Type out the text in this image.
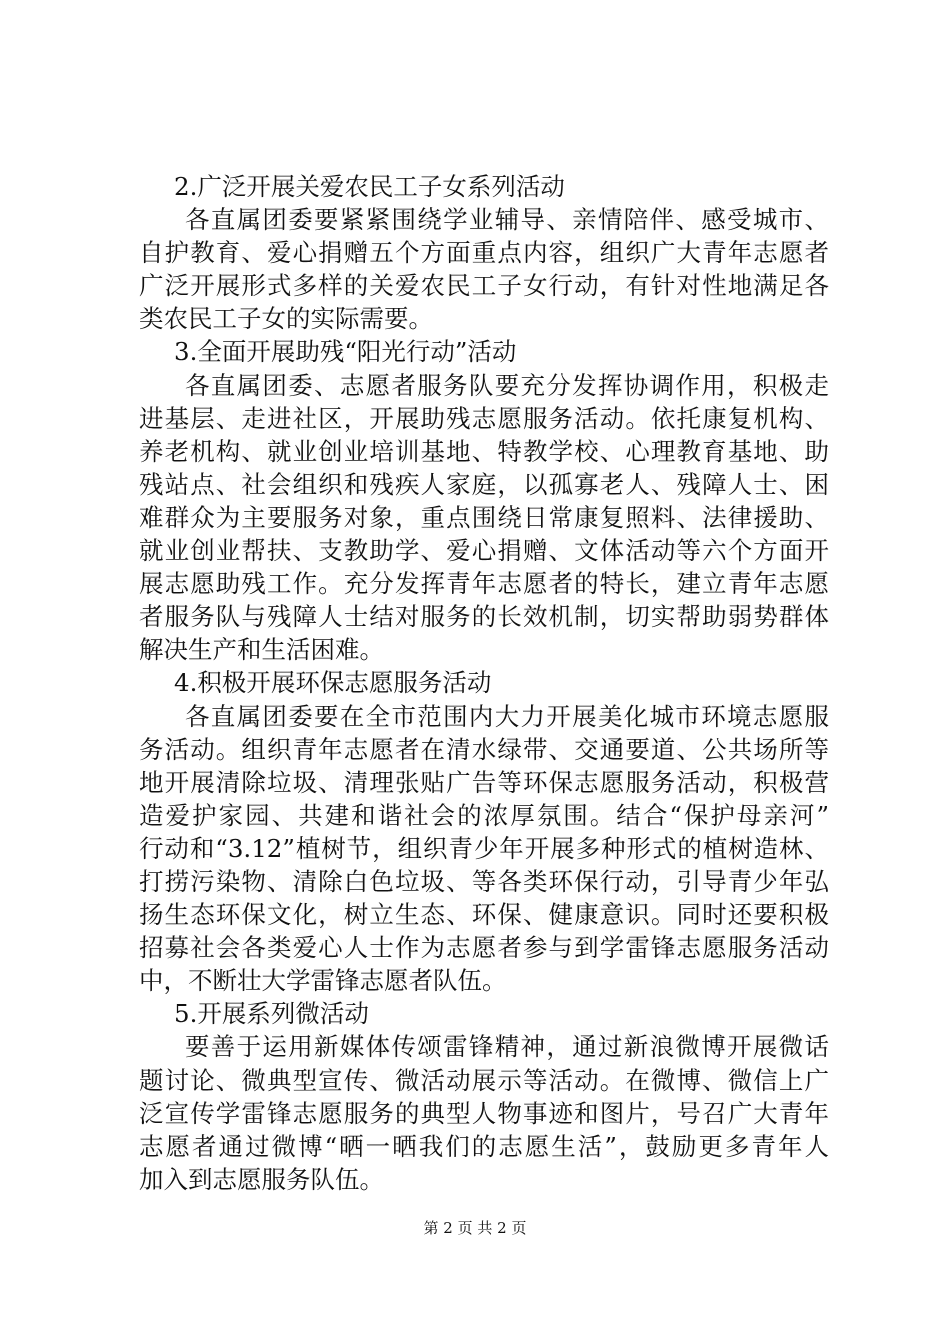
2.广泛开展关爱农民工子女系列活动
各直属团委要紧紧围绕学业辅导、亲情陪伴、感受城市、
自护教育、爱心捐赠五个方面重点内容，组织广大青年志愿者
广泛开展形式多样的关爱农民工子女行动，有针对性地满足各
类农民工子女的实际需要。
3.全面开展助残“阳光行动”活动
各直属团委、志愿者服务队要充分发挥协调作用，积极走
进基层、走进社区，开展助残志愿服务活动。依托康复机构、
养老机构、就业创业培训基地、特教学校、心理教育基地、助
残站点、社会组织和残疾人家庭，以孤寡老人、残障人士、困
难群众为主要服务对象，重点围绕日常康复照料、法律援助、
就业创业帮扶、支教助学、爱心捐赠、文体活动等六个方面开
展志愿助残工作。充分发挥青年志愿者的特长，建立青年志愿
者服务队与残障人士结对服务的长效机制，切实帮助弱势群体
解决生产和生活困难。
4.积极开展环保志愿服务活动
各直属团委要在全市范围内大力开展美化城市环境志愿服
务活动。组织青年志愿者在清水绿带、交通要道、公共场所等
地开展清除垃圾、清理张贴广告等环保志愿服务活动，积极营
造爱护家园、共建和谐社会的浓厚氛围。结合“保护母亲河”
行动和“3.12”植树节，组织青少年开展多种形式的植树造林、
打捞污染物、清除白色垃圾、等各类环保行动，引导青少年弘
扬生态环保文化，树立生态、环保、健康意识。同时还要积极
招募社会各类爱心人士作为志愿者参与到学雷锋志愿服务活动
中，不断壮大学雷锋志愿者队伍。
5.开展系列微活动
要善于运用新媒体传颂雷锋精神，通过新浪微博开展微话
题讨论、微典型宣传、微活动展示等活动。在微博、微信上广
泛宣传学雷锋志愿服务的典型人物事迹和图片，号召广大青年
志愿者通过微博“晒一晒我们的志愿生活”，鼓励更多青年人
加入到志愿服务队伍。
第 2 页 共 2 页
